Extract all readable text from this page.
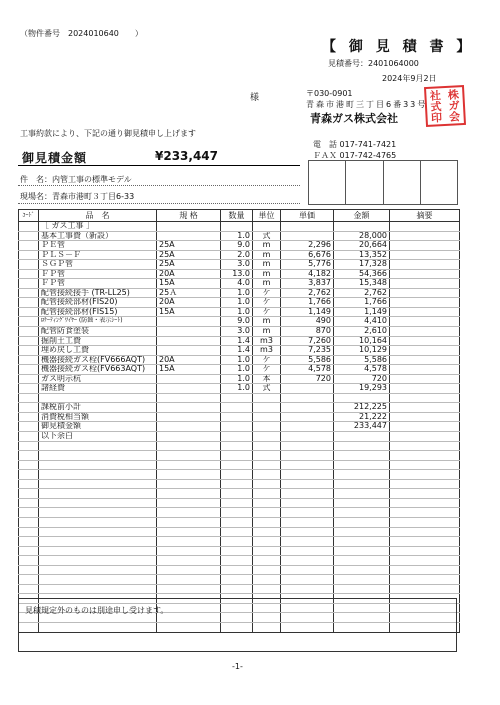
（物件番号　2024010640　　）
【 御 見 積 書 】
見積番号：2401064000
2024年9月2日
様	〒030-0901
青森市港町三丁目6番33号
青森ガス株式会社
社 株
式 ガ
印 会
工事約款により、下記の通り御見積申し上げます
電　話 017-741-7421
ＦＡＸ 017-742-4765
御見積金額	¥233,447
件　名：内管工事の標準モデル
現場名：青森市港町３丁目6-33
ｺｰﾄﾞ	品　名	規 格	数量	単位	単価	金額	摘要
	［ ガス工事 ］						
	基本工事費（新設）		1.0	式		28,000	
	ＰＥ管	25A	9.0	m	2,296	20,664	
	ＰＬＳ－Ｆ	25A	2.0	m	6,676	13,352	
	ＳＧＰ管	25A	3.0	m	5,776	17,328	
	ＦＰ管	20A	13.0	m	4,182	54,366	
	ＦＰ管	15A	4.0	m	3,837	15,348	
	配管接続接手 (TR-LL25)	25Ａ	1.0	ケ	2,762	2,762	
	配管接続部材(FIS20)	20A	1.0	ケ	1,766	1,766	
	配管接続部材(FIS15)	15A	1.0	ケ	1,149	1,149	
	ﾛｹｰﾃｨﾝｸﾞﾜｲﾔｰ (防蝕・表示ｼｰﾄ)		9.0	m	490	4,410	
	配管防食塗装		3.0	m	870	2,610	
	掘削土工費		1.4	m3	7,260	10,164	
	埋め戻し工費		1.4	m3	7,235	10,129	
	機器接続ガス栓(FV666AQT)	20A	1.0	ケ	5,586	5,586	
	機器接続ガス栓(FV663AQT)	15A	1.0	ケ	4,578	4,578	
	ガス明示杭		1.0	本	720	720	
	諸経費		1.0	式		19,293	

	課税前小計					212,225	
	消費税相当額					21,222	
	御見積金額					233,447	
	以下余白						

見積規定外のものは別途申し受けます。
-1-
